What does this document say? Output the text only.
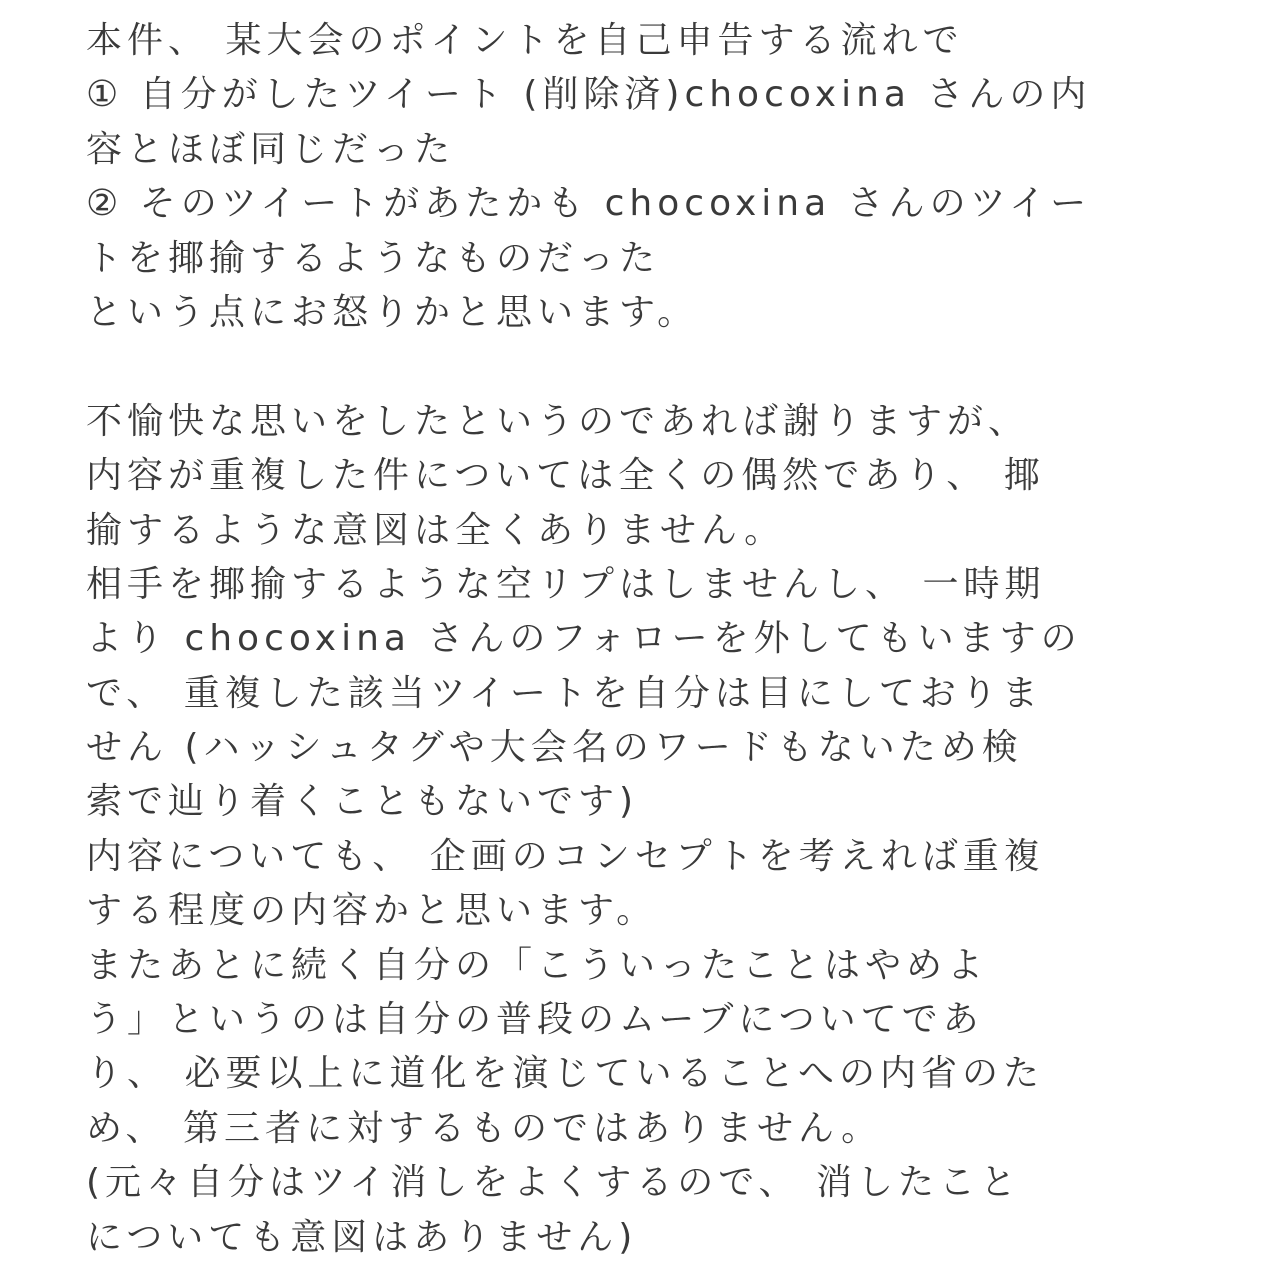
本件、 某大会のポイントを自己申告する流れで
① 自分がしたツイート (削除済)chocoxina さんの内
容とほぼ同じだった
② そのツイートがあたかも chocoxina さんのツイー
トを揶揄するようなものだった
という点にお怒りかと思います。
不愉快な思いをしたというのであれば謝りますが、
内容が重複した件については全くの偶然であり、 揶
揄するような意図は全くありません。
相手を揶揄するような空リプはしませんし、 一時期
より chocoxina さんのフォローを外してもいますの
で、 重複した該当ツイートを自分は目にしておりま
せん (ハッシュタグや大会名のワードもないため検
索で辿り着くこともないです)
内容についても、 企画のコンセプトを考えれば重複
する程度の内容かと思います。
またあとに続く自分の「こういったことはやめよ
う」というのは自分の普段のムーブについてであ
り、 必要以上に道化を演じていることへの内省のた
め、 第三者に対するものではありません。
(元々自分はツイ消しをよくするので、 消したこと
についても意図はありません)
